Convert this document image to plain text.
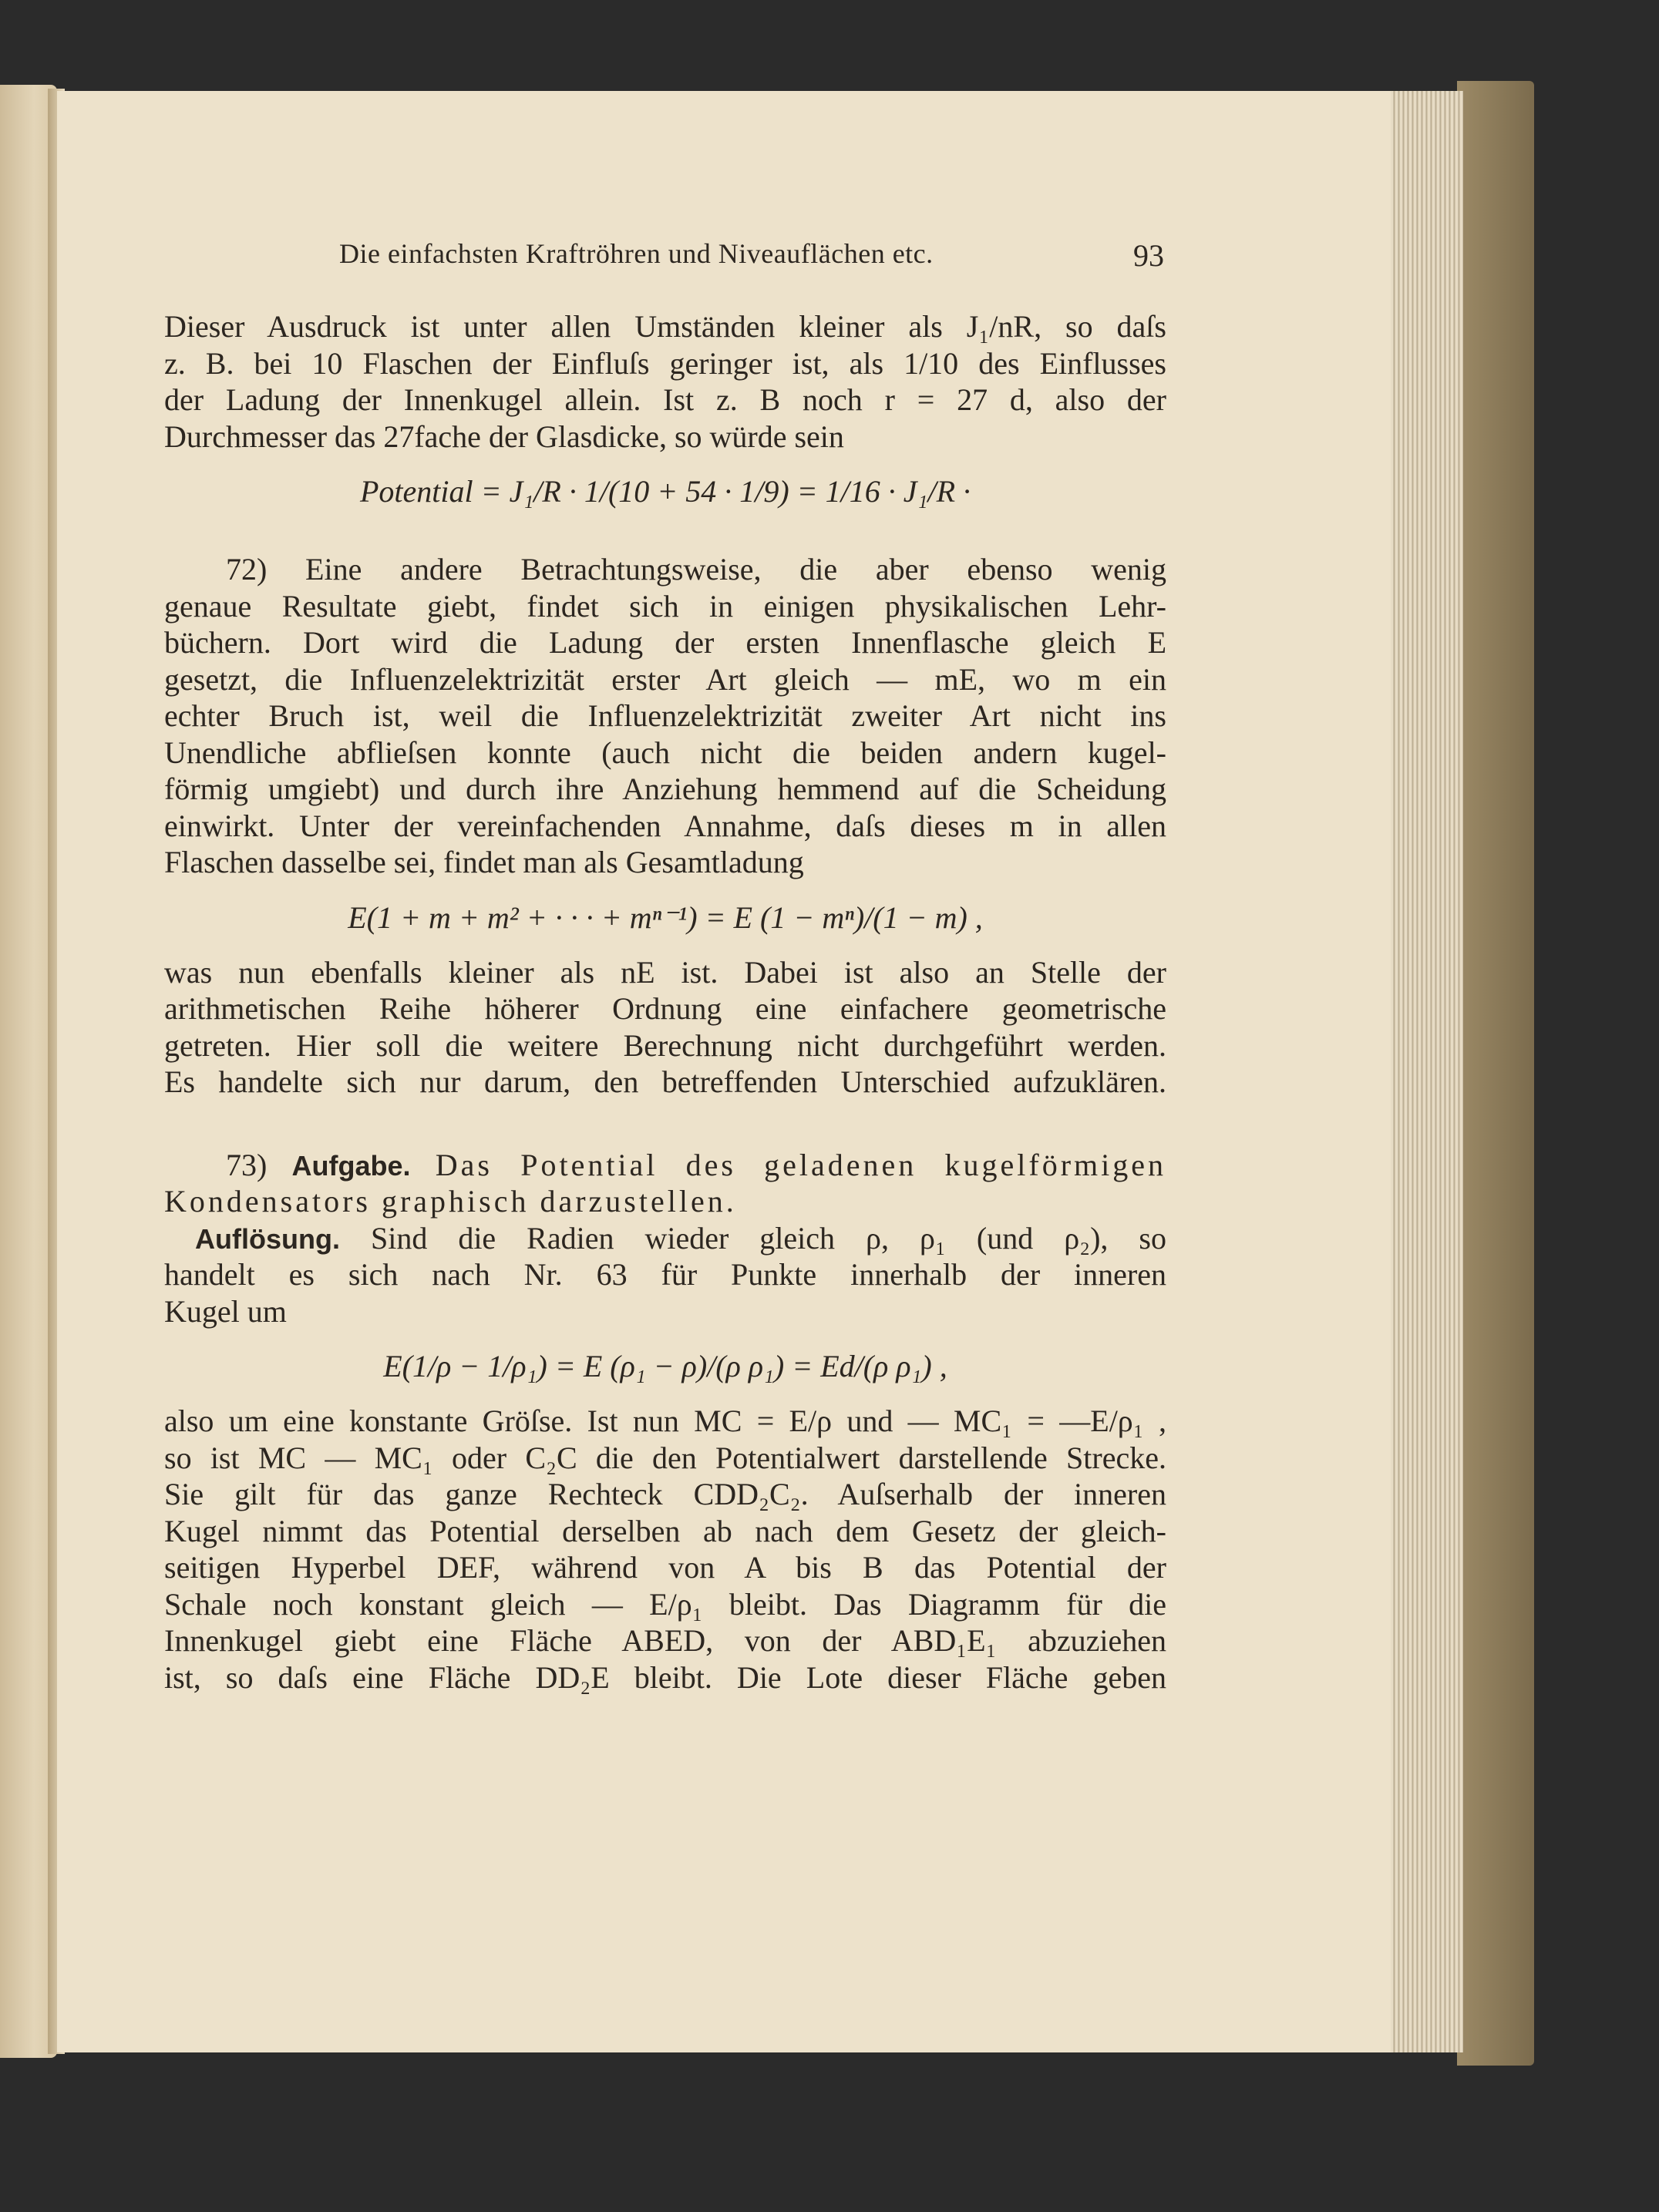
Die einfachsten Kraftröhren und Niveauflächen etc.	93

Dieser Ausdruck ist unter allen Umständen kleiner als J₁/nR, so daſs

z. B. bei 10 Flaschen der Einfluſs geringer ist, als 1/10 des Einflusses

der Ladung der Innenkugel allein. Ist z. B noch r = 27 d, also der

Durchmesser das 27fache der Glasdicke, so würde sein

Potential = J₁/R · 1/(10 + 54 · 1/9) = 1/16 · J₁/R ·

72) Eine andere Betrachtungsweise, die aber ebenso wenig

genaue Resultate giebt, findet sich in einigen physikalischen Lehr-

büchern. Dort wird die Ladung der ersten Innenflasche gleich E

gesetzt, die Influenzelektrizität erster Art gleich — mE, wo m ein

echter Bruch ist, weil die Influenzelektrizität zweiter Art nicht ins

Unendliche abflieſsen konnte (auch nicht die beiden andern kugel-

förmig umgiebt) und durch ihre Anziehung hemmend auf die Scheidung

einwirkt. Unter der vereinfachenden Annahme, daſs dieses m in allen

Flaschen dasselbe sei, findet man als Gesamtladung

E(1 + m + m² + · · · + mⁿ⁻¹) = E (1 − mⁿ)/(1 − m) ,

was nun ebenfalls kleiner als nE ist. Dabei ist also an Stelle der

arithmetischen Reihe höherer Ordnung eine einfachere geometrische

getreten. Hier soll die weitere Berechnung nicht durchgeführt werden.

Es handelte sich nur darum, den betreffenden Unterschied aufzuklären.

73) Aufgabe. Das Potential des geladenen kugelförmigen

Kondensators graphisch darzustellen.

Auflösung. Sind die Radien wieder gleich ρ, ρ₁ (und ρ₂), so

handelt es sich nach Nr. 63 für Punkte innerhalb der inneren

Kugel um

E(1/ρ − 1/ρ₁) = E (ρ₁ − ρ)/(ρ ρ₁) = Ed/(ρ ρ₁) ,

also um eine konstante Gröſse. Ist nun MC = E/ρ und — MC₁ = —E/ρ₁ ,

so ist MC — MC₁ oder C₂C die den Potentialwert darstellende Strecke.

Sie gilt für das ganze Rechteck CDD₂C₂. Auſserhalb der inneren

Kugel nimmt das Potential derselben ab nach dem Gesetz der gleich-

seitigen Hyperbel DEF, während von A bis B das Potential der

Schale noch konstant gleich — E/ρ₁ bleibt. Das Diagramm für die

Innenkugel giebt eine Fläche ABED, von der ABD₁E₁ abzuziehen

ist, so daſs eine Fläche DD₂E bleibt. Die Lote dieser Fläche geben
